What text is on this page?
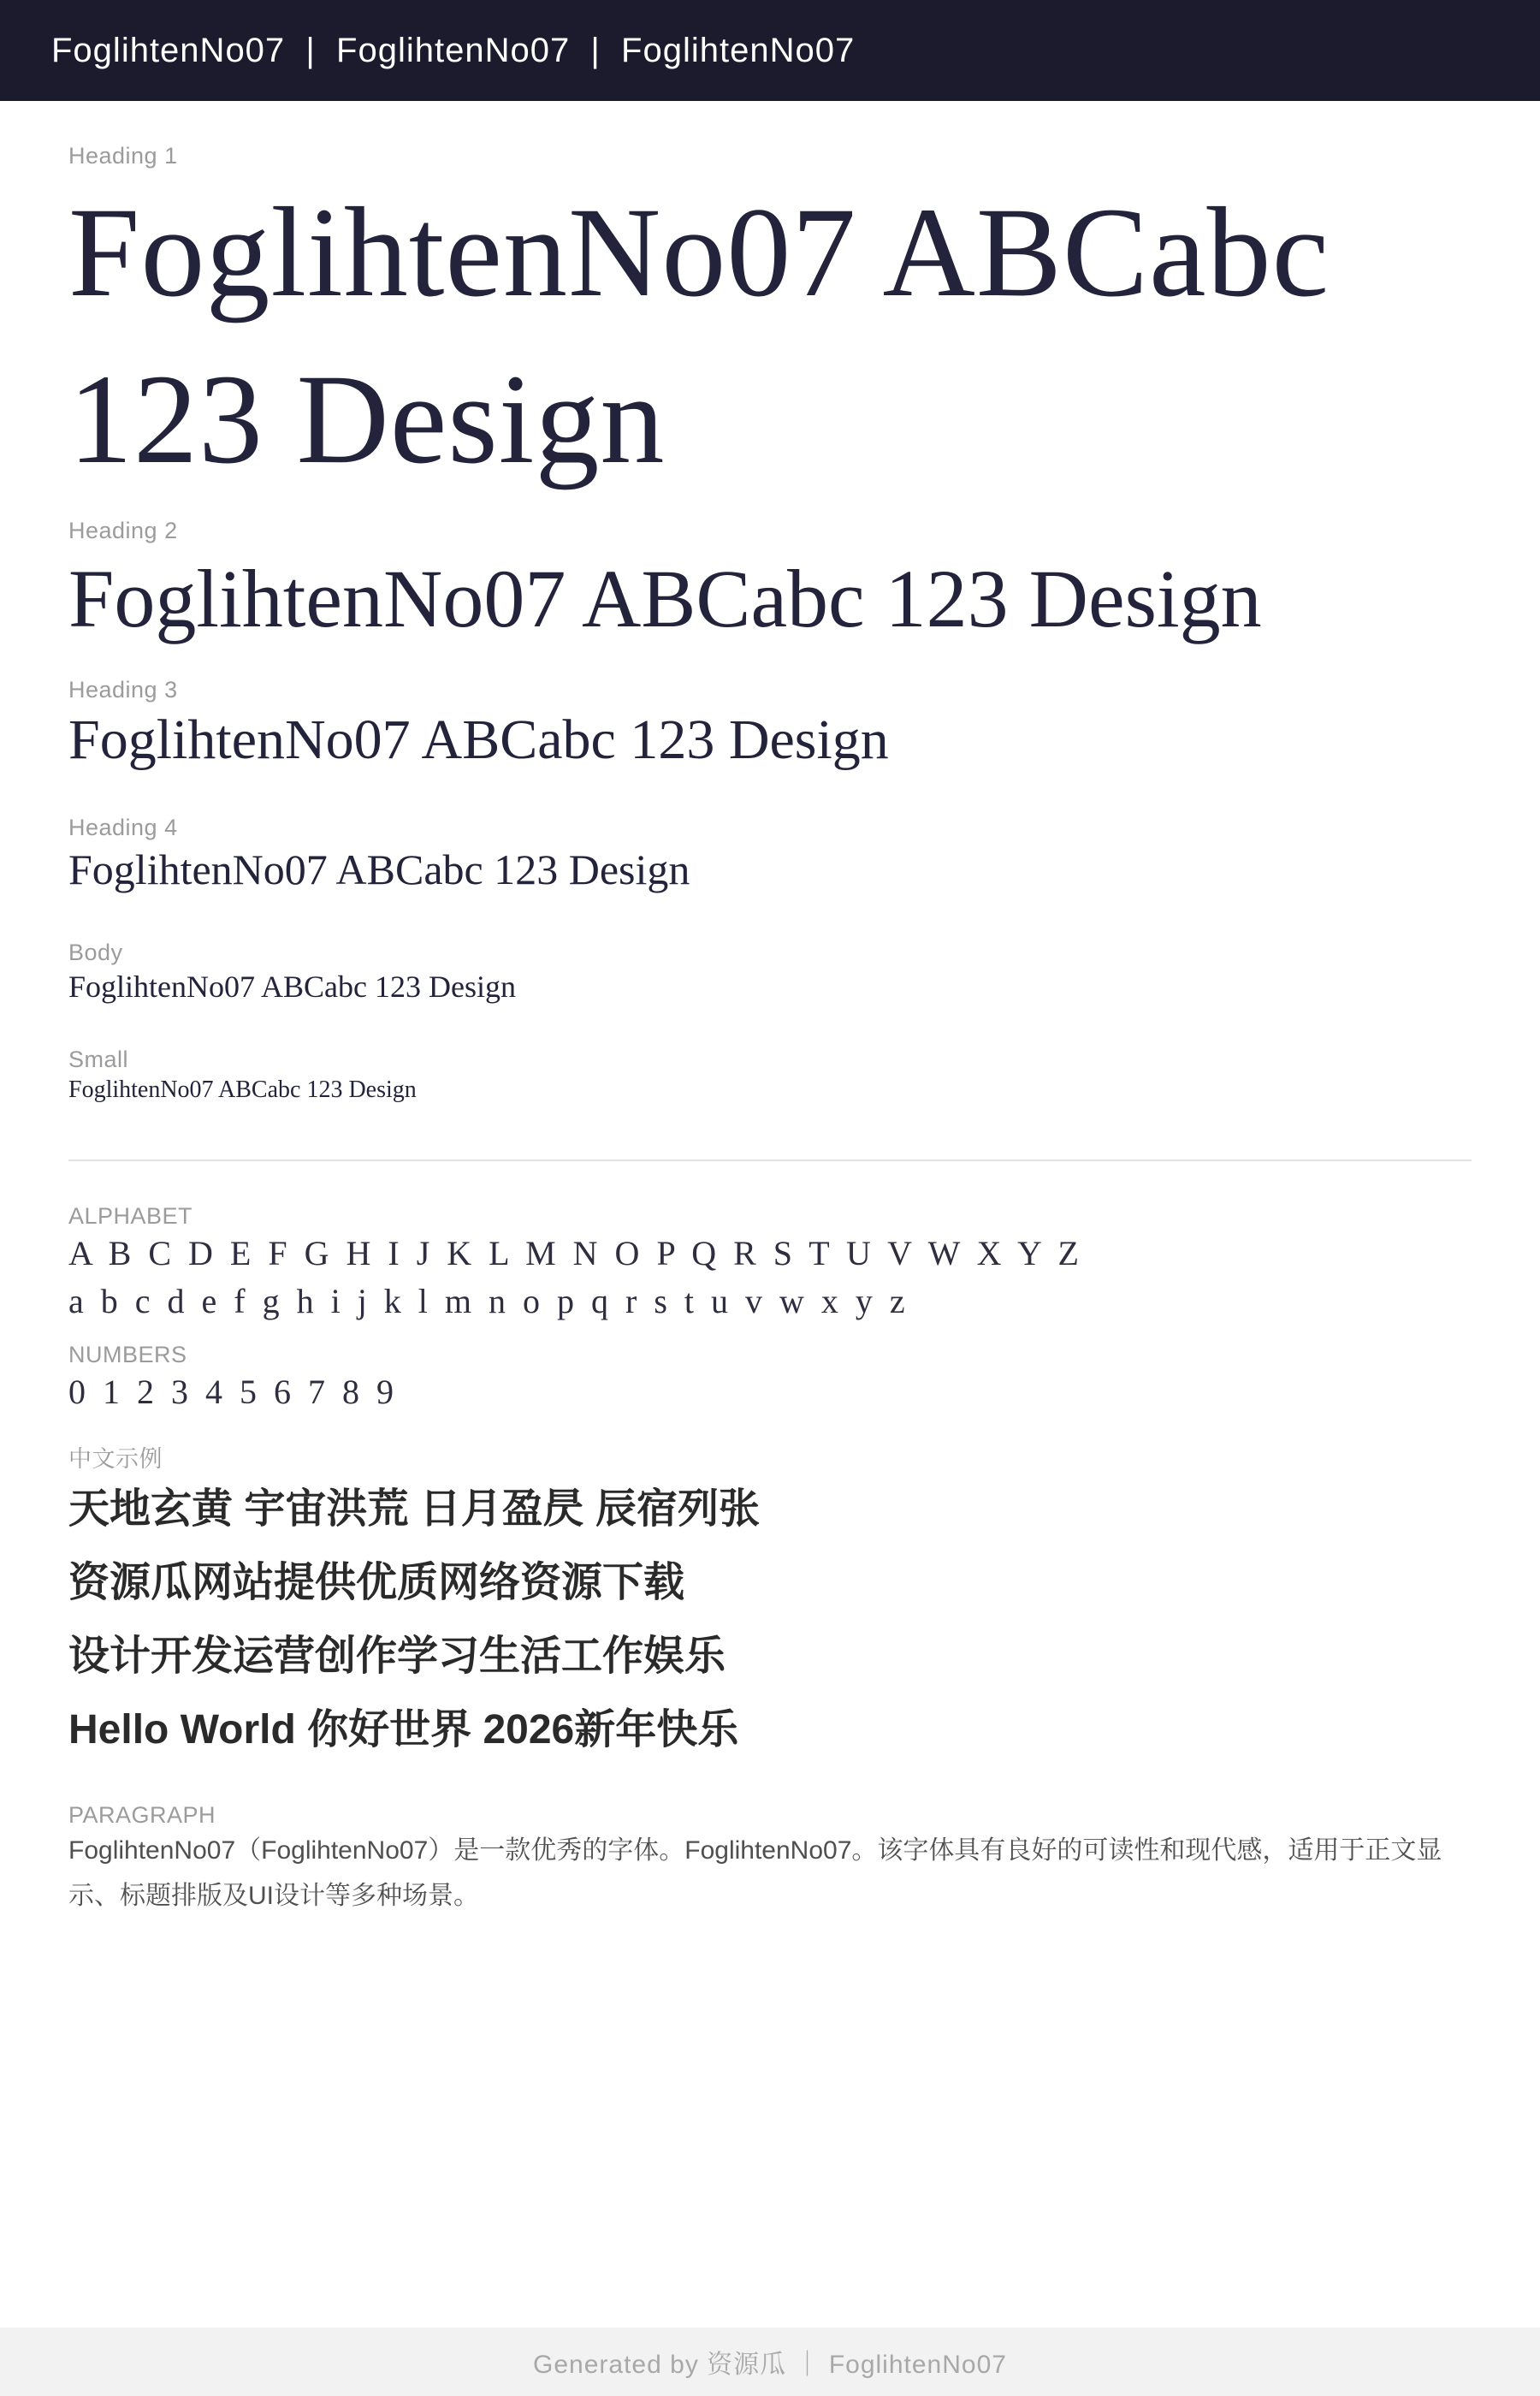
FoglihtenNo07  |  FoglihtenNo07  |  FoglihtenNo07
Heading 1
FoglihtenNo07 ABCabc 123 Design
Heading 2
FoglihtenNo07 ABCabc 123 Design
Heading 3
FoglihtenNo07 ABCabc 123 Design
Heading 4
FoglihtenNo07 ABCabc 123 Design
Body
FoglihtenNo07 ABCabc 123 Design
Small
FoglihtenNo07 ABCabc 123 Design
ALPHABET
A B C D E F G H I J K L M N O P Q R S T U V W X Y Z
a b c d e f g h i j k l m n o p q r s t u v w x y z
NUMBERS
0 1 2 3 4 5 6 7 8 9
中文示例
天地玄黄 宇宙洪荒 日月盈昃 辰宿列张
资源瓜网站提供优质网络资源下载
设计开发运营创作学习生活工作娱乐
Hello World 你好世界 2026新年快乐
PARAGRAPH
FoglihtenNo07（FoglihtenNo07）是一款优秀的字体。FoglihtenNo07。该字体具有良好的可读性和现代感，适用于正文显示、标题排版及UI设计等多种场景。
Generated by 资源瓜 ｜ FoglihtenNo07
